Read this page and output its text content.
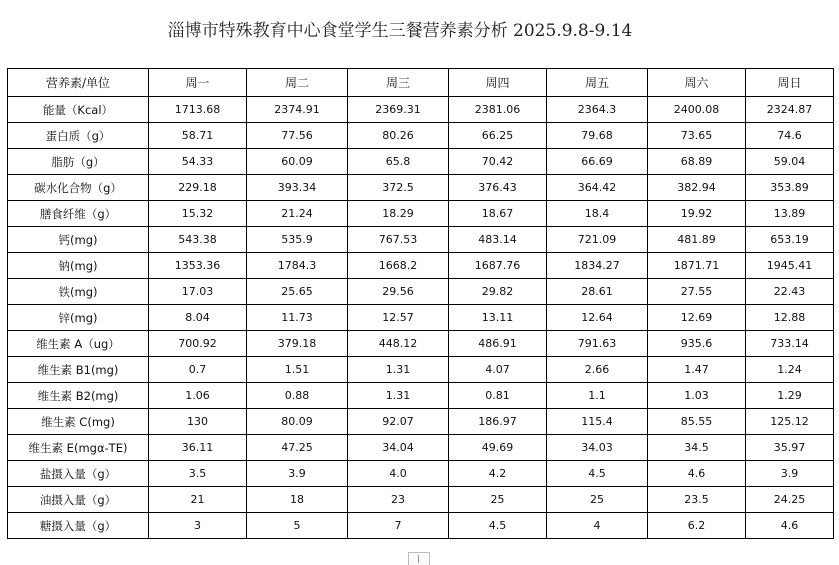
淄博市特殊教育中心食堂学生三餐营养素分析 2025.9.8-9.14
营养素/单位	周一	周二	周三	周四	周五	周六	周日
能量（Kcal）	1713.68	2374.91	2369.31	2381.06	2364.3	2400.08	2324.87
蛋白质（g）	58.71	77.56	80.26	66.25	79.68	73.65	74.6
脂肪（g）	54.33	60.09	65.8	70.42	66.69	68.89	59.04
碳水化合物（g）	229.18	393.34	372.5	376.43	364.42	382.94	353.89
膳食纤维（g）	15.32	21.24	18.29	18.67	18.4	19.92	13.89
钙(mg)	543.38	535.9	767.53	483.14	721.09	481.89	653.19
钠(mg)	1353.36	1784.3	1668.2	1687.76	1834.27	1871.71	1945.41
铁(mg)	17.03	25.65	29.56	29.82	28.61	27.55	22.43
锌(mg)	8.04	11.73	12.57	13.11	12.64	12.69	12.88
维生素 A（ug）	700.92	379.18	448.12	486.91	791.63	935.6	733.14
维生素 B1(mg)	0.7	1.51	1.31	4.07	2.66	1.47	1.24
维生素 B2(mg)	1.06	0.88	1.31	0.81	1.1	1.03	1.29
维生素 C(mg)	130	80.09	92.07	186.97	115.4	85.55	125.12
维生素 E(mgα-TE)	36.11	47.25	34.04	49.69	34.03	34.5	35.97
盐摄入量（g）	3.5	3.9	4.0	4.2	4.5	4.6	3.9
油摄入量（g）	21	18	23	25	25	23.5	24.25
糖摄入量（g）	3	5	7	4.5	4	6.2	4.6
